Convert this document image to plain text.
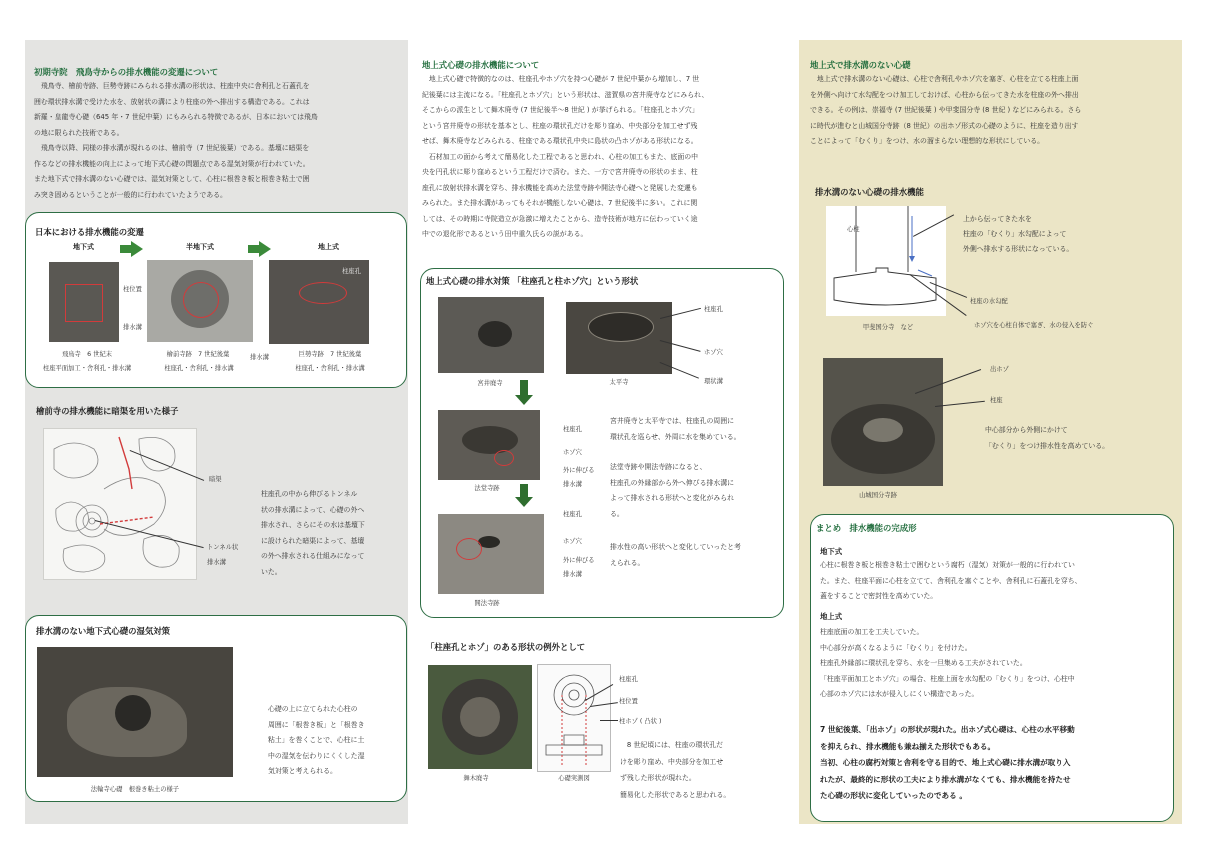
初期寺院　飛鳥寺からの排水機能の変遷について
　飛鳥寺、檜前寺跡、巨勢寺跡にみられる排水溝の形状は、柱座中央に舎利孔と石蓋孔を
囲む環状排水溝で受けた水を、放射状の溝により柱座の外へ排出する構造である。これは
新羅・皇龍寺心礎（645 年・7 世紀中葉）にもみられる特徴であるが、日本においては飛鳥
の地に限られた技術である。
　飛鳥寺以降、同様の排水溝が現れるのは、檜前寺（7 世紀後葉）である。基壇に暗渠を
作るなどの排水機能の向上によって地下式心礎の問題点である湿気対策が行われていた。
また地下式で排水溝のない心礎では、湿気対策として、心柱に根巻き板と根巻き粘土で囲
み突き固めるということが一般的に行われていたようである。
日本における排水機能の変遷
地下式	半地下式	地上式
柱位置
排水溝
排水溝
柱座孔
飛鳥寺　6 世紀末
柱座平面加工・舎利孔・排水溝
檜前寺跡　7 世紀後葉
柱座孔・舎利孔・排水溝
巨勢寺跡　7 世紀後葉
柱座孔・舎利孔・排水溝
檜前寺の排水機能に暗渠を用いた様子
暗渠
トンネル状
排水溝
柱座孔の中から伸びるトンネル
状の排水溝によって、心礎の外へ
排水され、さらにその水は基壇下
に設けられた暗渠によって、基壇
の外へ排水される仕組みになって
いた。
排水溝のない地下式心礎の湿気対策
法輪寺心礎　根巻き粘土の様子
心礎の上に立てられた心柱の
周囲に「根巻き板」と「根巻き
粘土」を巻くことで、心柱に土
中の湿気を伝わりにくくした湿
気対策と考えられる。
地上式心礎の排水機能について
　地上式心礎で特徴的なのは、柱座孔やホゾ穴を持つ心礎が 7 世紀中葉から増加し、7 世
紀後葉には主流になる。「柱座孔とホゾ穴」という形状は、滋賀県の宮井廃寺などにみられ、
そこからの派生として舞木廃寺 (7 世紀後半～8 世紀 ) が挙げられる。「柱座孔とホゾ穴」
という宮井廃寺の形状を基本とし、柱座の環状孔だけを彫り窪め、中央部分を加工せず残
せば、舞木廃寺などみられる、柱座である環状孔中央に島状の凸ホゾがある形状になる。
　石材加工の面から考えて簡易化した工程であると思われ、心柱の加工もまた、底面の中
央を円孔状に彫り窪めるという工程だけで済む。また、一方で宮井廃寺の形状のまま、柱
座孔に放射状排水溝を穿ち、排水機能を高めた法堂寺跡や開法寺心礎へと発展した変遷も
みられた。また排水溝があってもそれが機能しない心礎は、7 世紀後半に多い。これに関
しては、その時期に寺院造立が急激に増えたことから、造寺技術が地方に伝わっていく途
中での退化形であるという田中重久氏らの説がある。
地上式心礎の排水対策 「柱座孔と柱ホゾ穴」という形状
宮井廃寺	太平寺
柱座孔
ホゾ穴
環状溝
法堂寺跡
柱座孔
ホゾ穴
外に伸びる
排水溝
宮井廃寺と太平寺では、柱座孔の周囲に
環状孔を巡らせ、外周に水を集めている。
法堂寺跡や開法寺跡になると、
柱座孔の外縁部から外へ伸びる排水溝に
よって排水される形状へと変化がみられ
る。
開法寺跡
柱座孔
ホゾ穴
外に伸びる
排水溝
排水性の高い形状へと変化していったと考
えられる。
「柱座孔とホゾ」のある形状の例外として
舞木廃寺	心礎実測図
柱座孔
柱位置
柱ホゾ ( 凸状 )
　8 世紀頃には、柱座の環状孔だ
けを彫り窪め、中央部分を加工せ
ず残した形状が現れた。
簡易化した形状であると思われる。
地上式で排水溝のない心礎
　地上式で排水溝のない心礎は、心柱で舎利孔やホゾ穴を塞ぎ、心柱を立てる柱座上面
を外側へ向けて水勾配をつけ加工しておけば、心柱から伝ってきた水を柱座の外へ排出
できる。その例は、崇福寺 (7 世紀後葉 ) や甲斐国分寺 (8 世紀 ) などにみられる。さら
に時代が進むと山城国分寺跡（8 世紀）の出ホゾ形式の心礎のように、柱座を造り出す
ことによって「むくり」をつけ、水の溜まらない理想的な形状にしている。
排水溝のない心礎の排水機能
心柱
上から伝ってきた水を
柱座の「むくり」水勾配によって
外側へ排水する形状になっている。
柱座の水勾配
ホゾ穴を心柱自体で塞ぎ、水の侵入を防ぐ
甲斐国分寺　など
山城国分寺跡
出ホゾ
柱座
中心部分から外側にかけて
「むくり」をつけ排水性を高めている。
まとめ　排水機能の完成形
地下式
心柱に根巻き板と根巻き粘土で囲むという腐朽（湿気）対策が一般的に行われてい
た。また、柱座平面に心柱を立てて、舎利孔を塞ぐことや、舎利孔に石蓋孔を穿ち、
蓋をすることで密封性を高めていた。
地上式
柱座底面の加工を工夫していた。
中心部分が高くなるように「むくり」を付けた。
柱座孔外縁部に環状孔を穿ち、水を一旦集める工夫がされていた。
「柱座平面加工とホゾ穴」の場合、柱座上面を水勾配の「むくり」をつけ、心柱中
心部のホゾ穴には水が侵入しにくい構造であった。
7 世紀後葉、「出ホゾ」の形状が現れた。出ホゾ式心礎は、心柱の水平移動
を抑えられ、排水機能も兼ね揃えた形状でもある。
当初、心柱の腐朽対策と舎利を守る目的で、地上式心礎に排水溝が取り入
れたが、最終的に形状の工夫により排水溝がなくても、排水機能を持たせ
た心礎の形状に変化していったのである 。
